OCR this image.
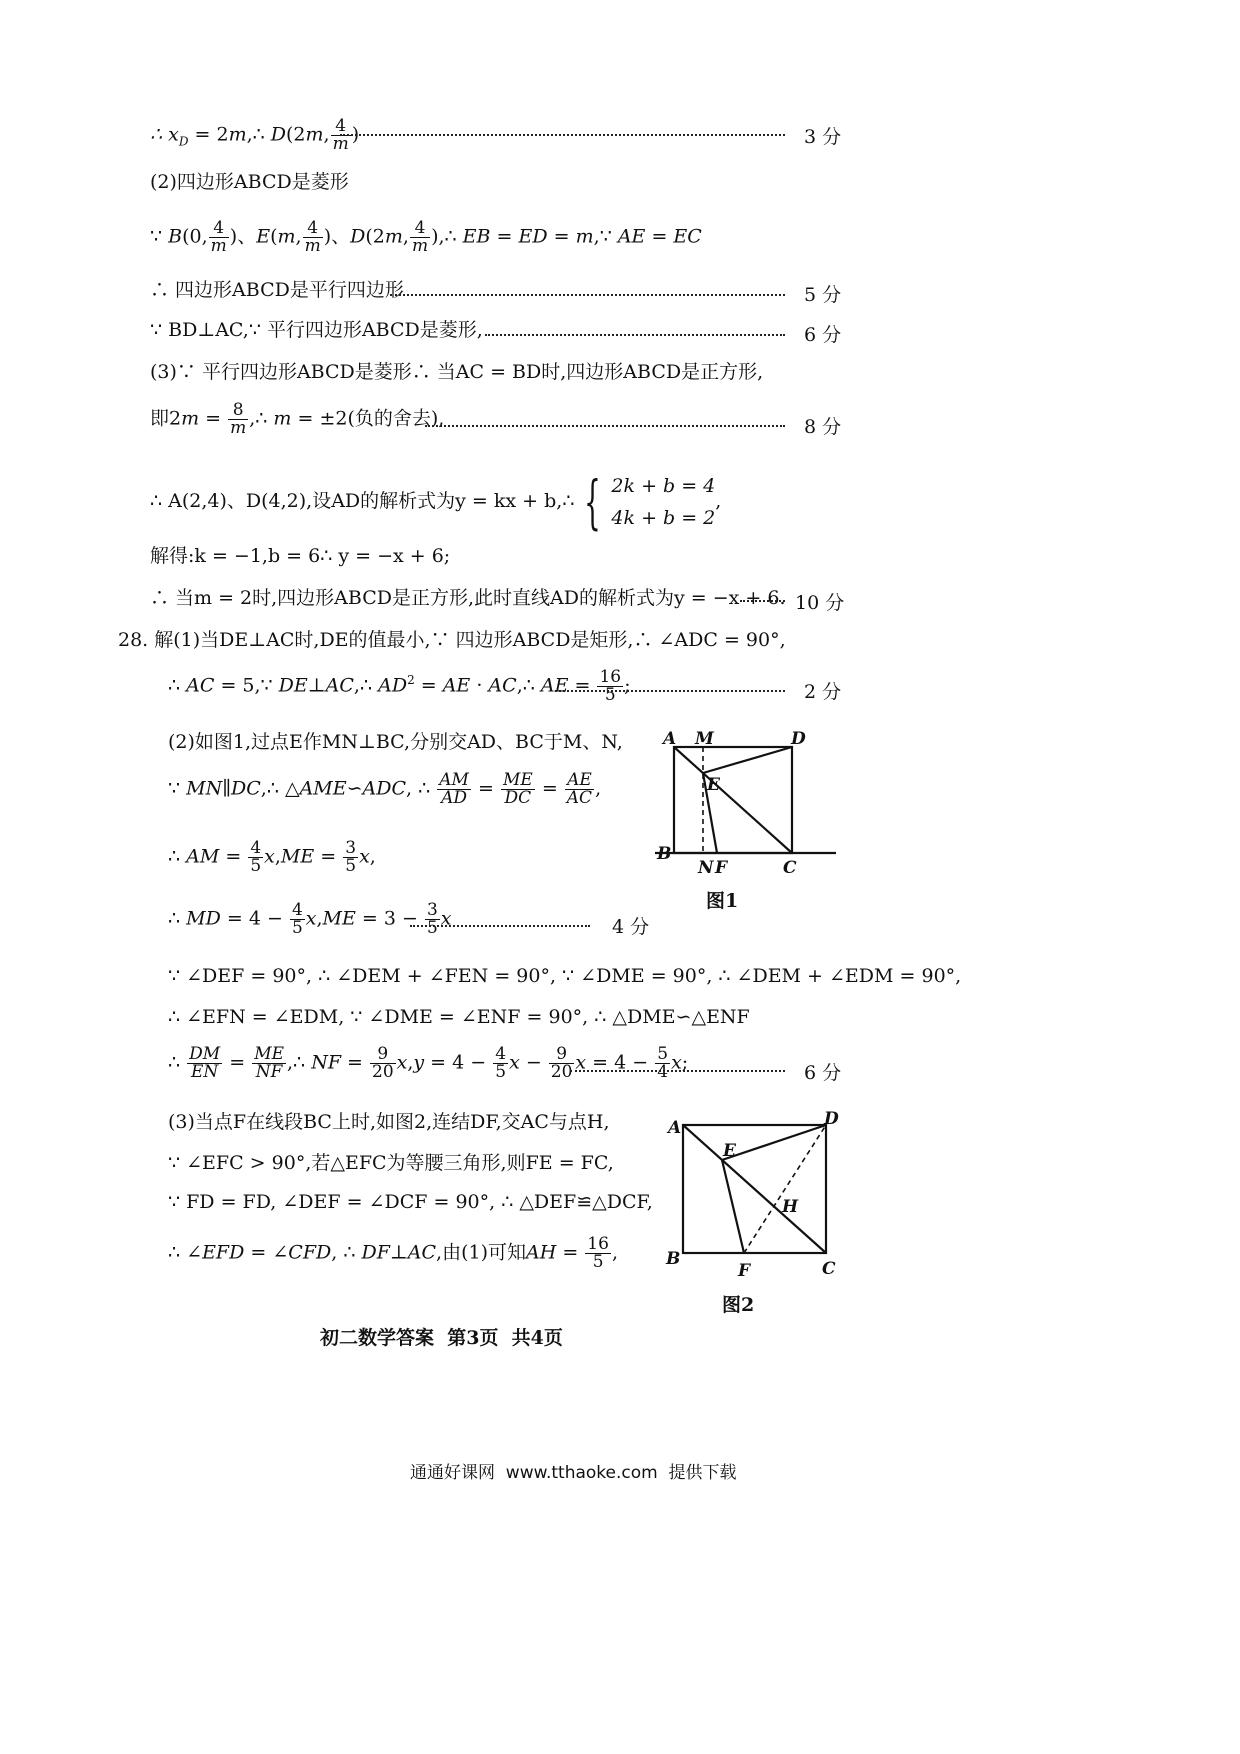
∴ $x_D$ = 2m,∴ D(2m, $\frac{4}{m}$ )	3 分
(2)四边形ABCD是菱形
∵ B(0, $\frac{4}{m}$ )、E(m, $\frac{4}{m}$ )、D(2m, $\frac{4}{m}$ ),∴ EB = ED = m,∵ AE = EC
∴ 四边形ABCD是平行四边形	5 分
∵ BD⊥AC,∵ 平行四边形ABCD是菱形,	6 分
(3)∵ 平行四边形ABCD是菱形∴ 当AC = BD时,四边形ABCD是正方形,
即$2m = \frac{8}{m}$ ,∴ m = ±2(负的舍去),	8 分
∴ A(2,4)、D(4,2),设AD的解析式为y = kx + b,∴ { 2k + b = 4
4k + b = 2
,
解得:k = −1,b = 6∴ y = −x + 6;
∴ 当m = 2时,四边形ABCD是正方形,此时直线AD的解析式为y = −x + 6. 10 分
28. 解(1)当DE⊥AC时,DE的值最小,∵ 四边形ABCD是矩形,∴ ∠ADC = 90°,
∴ AC = 5,∵ DE⊥AC,∴ $AD^2$ = AE · AC,∴ AE = $\frac{16}{5}$ ;	2 分
(2)如图1,过点E作MN⊥BC,分别交AD、BC于M、N,
∵ MN∥DC,∴ △AME∽ADC, ∴ $\frac{AM}{AD} = \frac{ME}{DC} = \frac{AE}{AC}$ ,
∴ AM = $\frac{4}{5} x,ME = \frac{3}{5} x$,
∴ MD = $4 - \frac{4}{5} x,ME = 3 - \frac{3}{5}$ x	4 分
∵ ∠DEF = 90°, ∴ ∠DEM + ∠FEN = 90°, ∵ ∠DME = 90°, ∴ ∠DEM + ∠EDM = 90°,
∴ ∠EFN = ∠EDM, ∵ ∠DME = ∠ENF = 90°, ∴ △DME∽△ENF
∴ $\frac{DM}{EN} = \frac{ME}{NF}$ ,∴ NF = $\frac{9}{20} x,y = 4 - \frac{4}{5}$ $x - \frac{9}{20}$ $x = 4 - \frac{5}{4} x$;	6 分
(3)当点F在线段BC上时,如图2,连结DF,交AC与点H,
∵ ∠EFC > 90°,若△EFC为等腰三角形,则FE = FC,
∵ FD = FD, ∠DEF = ∠DCF = 90°, ∴ △DEF≌△DCF,
∴ ∠EFD = ∠CFD, ∴ DF⊥AC,由(1)可知AH = $\frac{16}{5}$ ,
A M	D
E
B
N F	C
图1
A	D
E
H
B
F	C
图2
初二数学答案  第3页  共4页
通通好课网  www.tthaoke.com  提供下载
